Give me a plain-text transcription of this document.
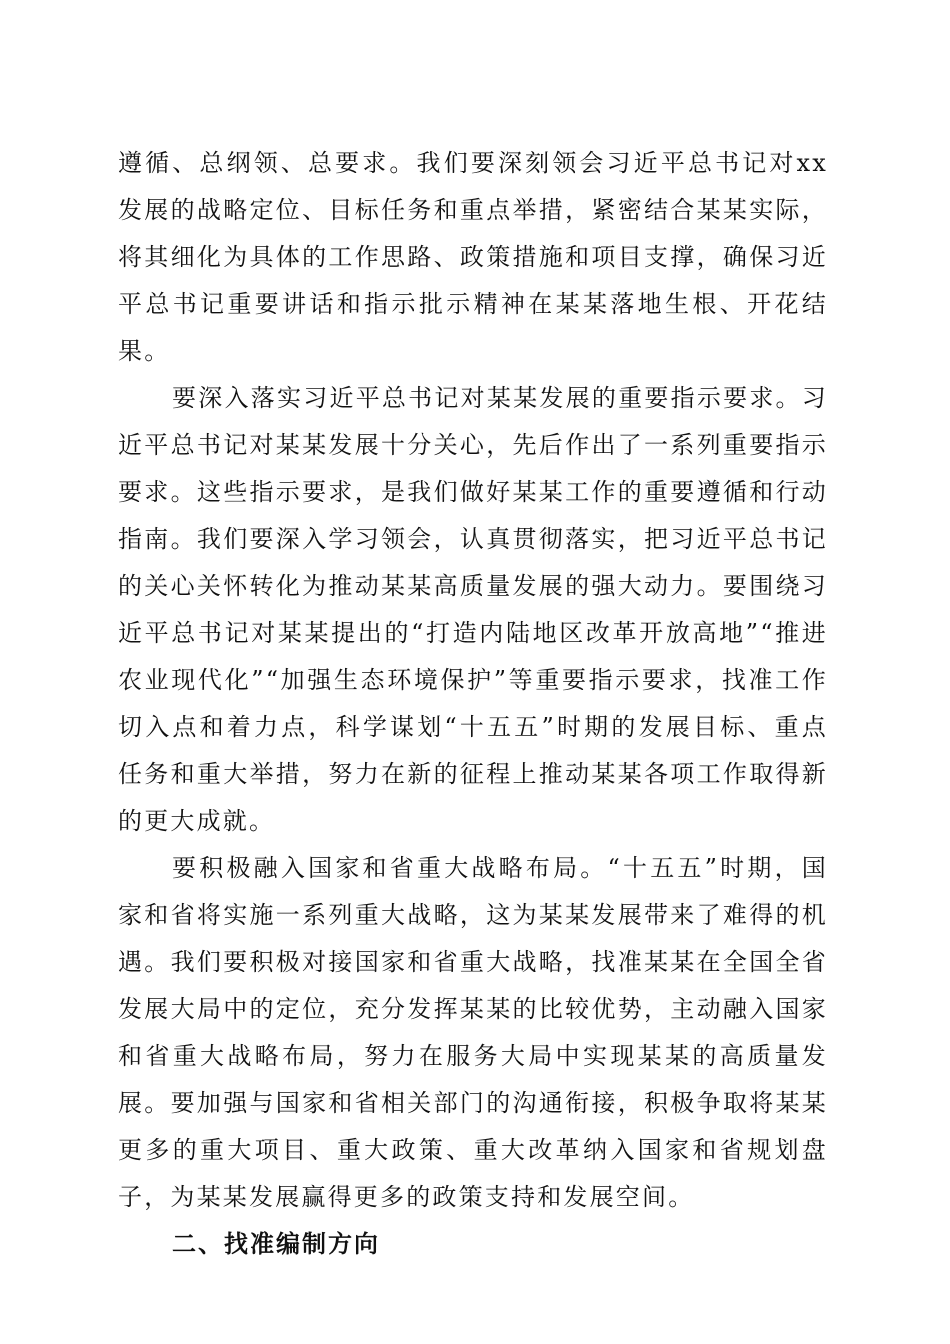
遵循、总纲领、总要求。我们要深刻领会习近平总书记对xx发展的战略定位、目标任务和重点举措，紧密结合某某实际，将其细化为具体的工作思路、政策措施和项目支撑，确保习近平总书记重要讲话和指示批示精神在某某落地生根、开花结果。

要深入落实习近平总书记对某某发展的重要指示要求。习近平总书记对某某发展十分关心，先后作出了一系列重要指示要求。这些指示要求，是我们做好某某工作的重要遵循和行动指南。我们要深入学习领会，认真贯彻落实，把习近平总书记的关心关怀转化为推动某某高质量发展的强大动力。要围绕习近平总书记对某某提出的“打造内陆地区改革开放高地”“推进农业现代化”“加强生态环境保护”等重要指示要求，找准工作切入点和着力点，科学谋划“十五五”时期的发展目标、重点任务和重大举措，努力在新的征程上推动某某各项工作取得新的更大成就。

要积极融入国家和省重大战略布局。“十五五”时期，国家和省将实施一系列重大战略，这为某某发展带来了难得的机遇。我们要积极对接国家和省重大战略，找准某某在全国全省发展大局中的定位，充分发挥某某的比较优势，主动融入国家和省重大战略布局，努力在服务大局中实现某某的高质量发展。要加强与国家和省相关部门的沟通衔接，积极争取将某某更多的重大项目、重大政策、重大改革纳入国家和省规划盘子，为某某发展赢得更多的政策支持和发展空间。

二、找准编制方向
